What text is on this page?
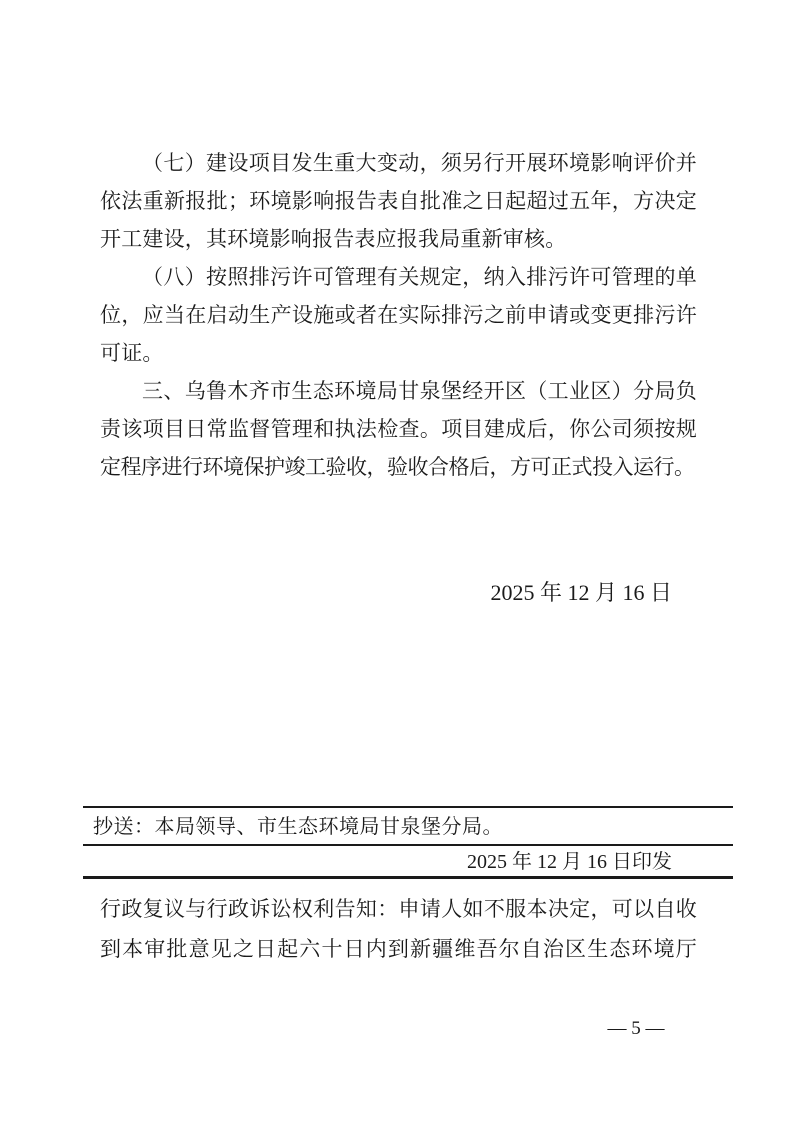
（七）建设项目发生重大变动，须另行开展环境影响评价并
依法重新报批；环境影响报告表自批准之日起超过五年，方决定
开工建设，其环境影响报告表应报我局重新审核。
（八）按照排污许可管理有关规定，纳入排污许可管理的单
位，应当在启动生产设施或者在实际排污之前申请或变更排污许
可证。
三、乌鲁木齐市生态环境局甘泉堡经开区（工业区）分局负
责该项目日常监督管理和执法检查。项目建成后，你公司须按规
定程序进行环境保护竣工验收，验收合格后，方可正式投入运行。
2025 年 12 月 16 日
抄送：本局领导、市生态环境局甘泉堡分局。
2025 年 12 月 16 日印发
行政复议与行政诉讼权利告知：申请人如不服本决定，可以自收
到本审批意见之日起六十日内到新疆维吾尔自治区生态环境厅
— 5 —
